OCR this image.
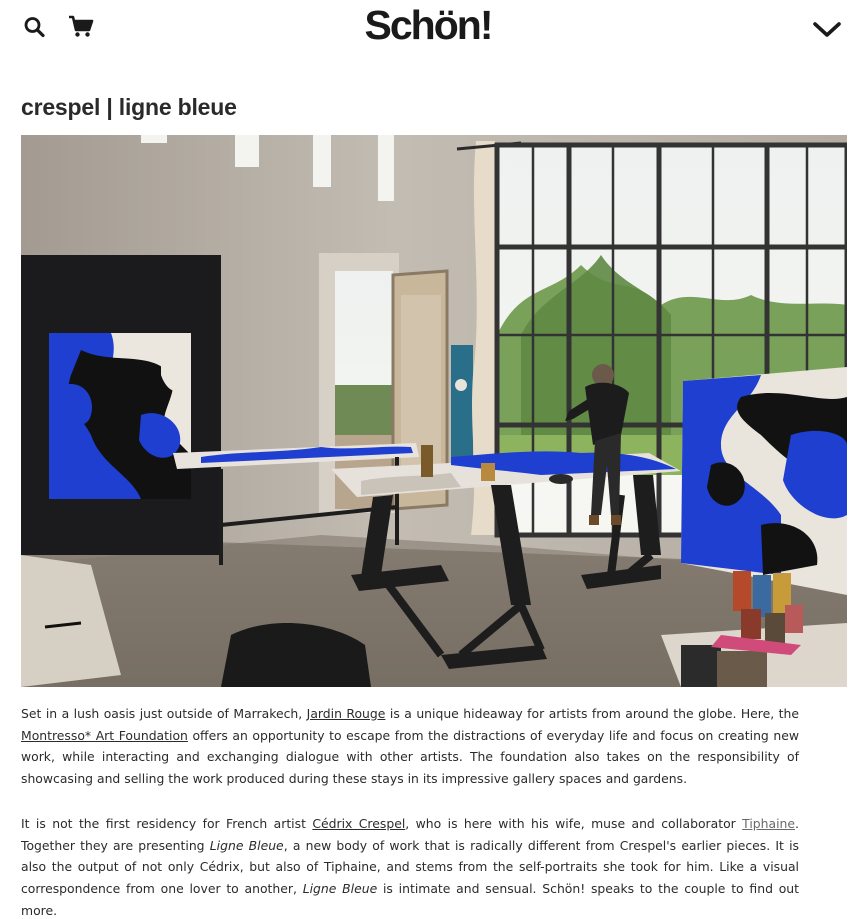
Schön!
crespel | ligne bleue

Set in a lush oasis just outside of Marrakech, Jardin Rouge is a unique hideaway for artists from around the globe. Here, the Montresso* Art Foundation offers an opportunity to escape from the distractions of everyday life and focus on creating new work, while interacting and exchanging dialogue with other artists. The foundation also takes on the responsibility of showcasing and selling the work produced during these stays in its impressive gallery spaces and gardens.

It is not the first residency for French artist Cédrix Crespel, who is here with his wife, muse and collaborator Tiphaine. Together they are presenting Ligne Bleue, a new body of work that is radically different from Crespel's earlier pieces. It is also the output of not only Cédrix, but also of Tiphaine, and stems from the self-portraits she took for him. Like a visual correspondence from one lover to another, Ligne Bleue is intimate and sensual. Schön! speaks to the couple to find out more.
